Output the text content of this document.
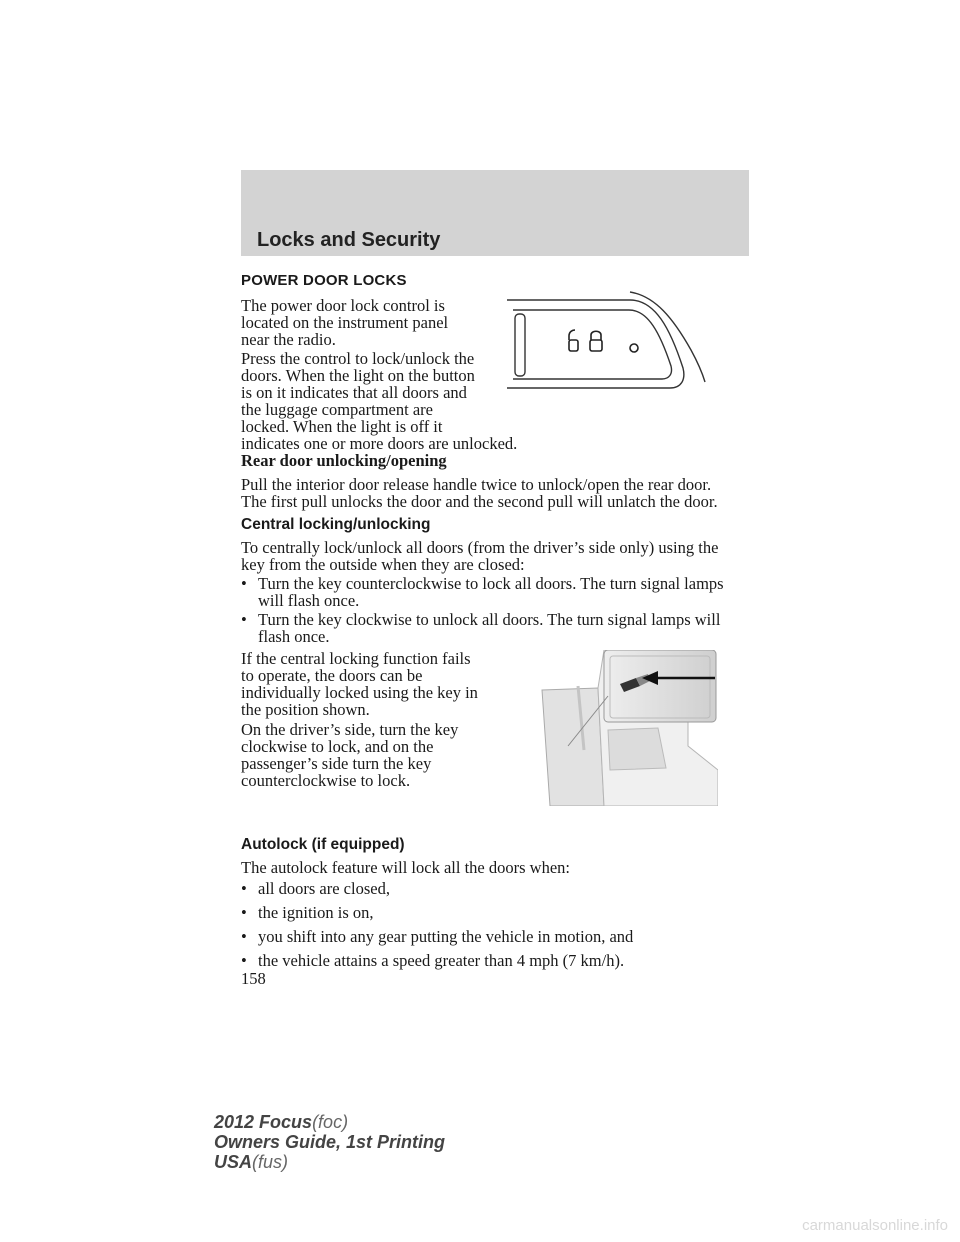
Locks and Security
POWER DOOR LOCKS
The power door lock control is
located on the instrument panel
near the radio.
Press the control to lock/unlock the
doors. When the light on the button
is on it indicates that all doors and
the luggage compartment are
locked. When the light is off it
indicates one or more doors are unlocked.
Rear door unlocking/opening
Pull the interior door release handle twice to unlock/open the rear door.
The first pull unlocks the door and the second pull will unlatch the door.
Central locking/unlocking
To centrally lock/unlock all doors (from the driver’s side only) using the
key from the outside when they are closed:
• Turn the key counterclockwise to lock all doors. The turn signal lamps
will flash once.
• Turn the key clockwise to unlock all doors. The turn signal lamps will
flash once.
If the central locking function fails
to operate, the doors can be
individually locked using the key in
the position shown.
On the driver’s side, turn the key
clockwise to lock, and on the
passenger’s side turn the key
counterclockwise to lock.
Autolock (if equipped)
The autolock feature will lock all the doors when:
• all doors are closed,
• the ignition is on,
• you shift into any gear putting the vehicle in motion, and
• the vehicle attains a speed greater than 4 mph (7 km/h).
158
2012 Focus(foc)
Owners Guide, 1st Printing
USA(fus)
carmanualsonline.info
